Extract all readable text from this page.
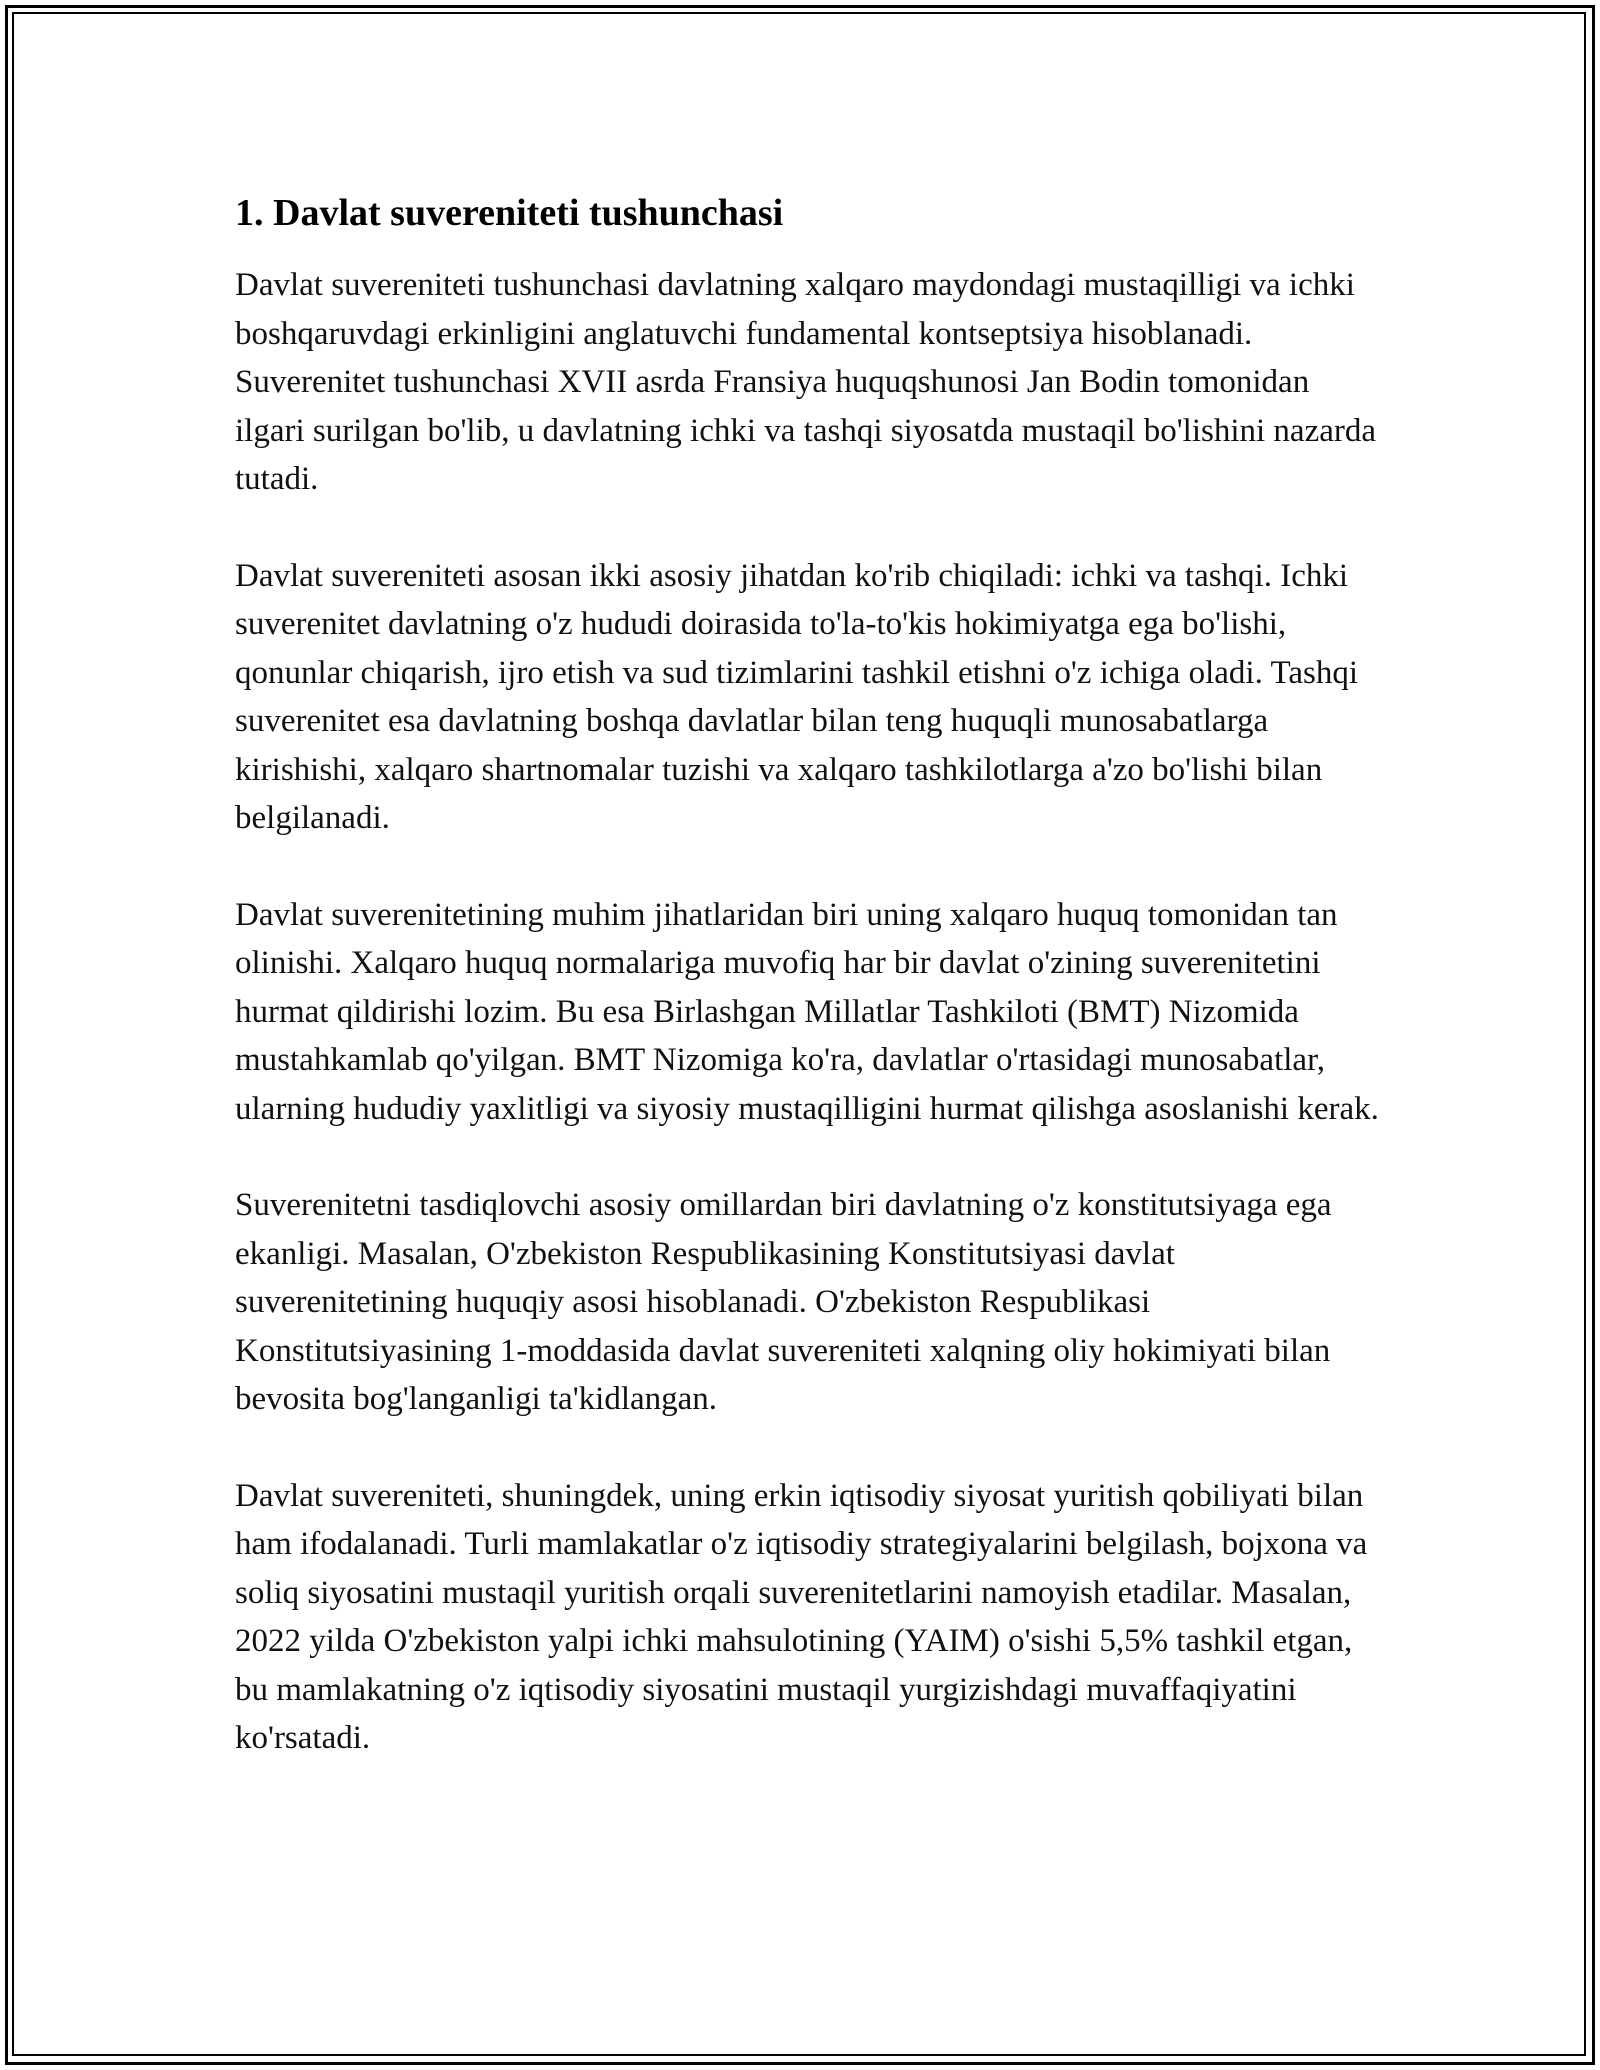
1. Davlat suvereniteti tushunchasi

Davlat suvereniteti tushunchasi davlatning xalqaro maydondagi mustaqilligi va ichki boshqaruvdagi erkinligini anglatuvchi fundamental kontseptsiya hisoblanadi. Suverenitet tushunchasi XVII asrda Fransiya huquqshunosi Jan Bodin tomonidan ilgari surilgan bo'lib, u davlatning ichki va tashqi siyosatda mustaqil bo'lishini nazarda tutadi.

Davlat suvereniteti asosan ikki asosiy jihatdan ko'rib chiqiladi: ichki va tashqi. Ichki suverenitet davlatning o'z hududi doirasida to'la-to'kis hokimiyatga ega bo'lishi, qonunlar chiqarish, ijro etish va sud tizimlarini tashkil etishni o'z ichiga oladi. Tashqi suverenitet esa davlatning boshqa davlatlar bilan teng huquqli munosabatlarga kirishishi, xalqaro shartnomalar tuzishi va xalqaro tashkilotlarga a'zo bo'lishi bilan belgilanadi.

Davlat suverenitetining muhim jihatlaridan biri uning xalqaro huquq tomonidan tan olinishi. Xalqaro huquq normalariga muvofiq har bir davlat o'zining suverenitetini hurmat qildirishi lozim. Bu esa Birlashgan Millatlar Tashkiloti (BMT) Nizomida mustahkamlab qo'yilgan. BMT Nizomiga ko'ra, davlatlar o'rtasidagi munosabatlar, ularning hududiy yaxlitligi va siyosiy mustaqilligini hurmat qilishga asoslanishi kerak.

Suverenitetni tasdiqlovchi asosiy omillardan biri davlatning o'z konstitutsiyaga ega ekanligi. Masalan, O'zbekiston Respublikasining Konstitutsiyasi davlat suverenitetining huquqiy asosi hisoblanadi. O'zbekiston Respublikasi Konstitutsiyasining 1-moddasida davlat suvereniteti xalqning oliy hokimiyati bilan bevosita bog'langanligi ta'kidlangan.

Davlat suvereniteti, shuningdek, uning erkin iqtisodiy siyosat yuritish qobiliyati bilan ham ifodalanadi. Turli mamlakatlar o'z iqtisodiy strategiyalarini belgilash, bojxona va soliq siyosatini mustaqil yuritish orqali suverenitetlarini namoyish etadilar. Masalan, 2022 yilda O'zbekiston yalpi ichki mahsulotining (YAIM) o'sishi 5,5% tashkil etgan, bu mamlakatning o'z iqtisodiy siyosatini mustaqil yurgizishdagi muvaffaqiyatini ko'rsatadi.
